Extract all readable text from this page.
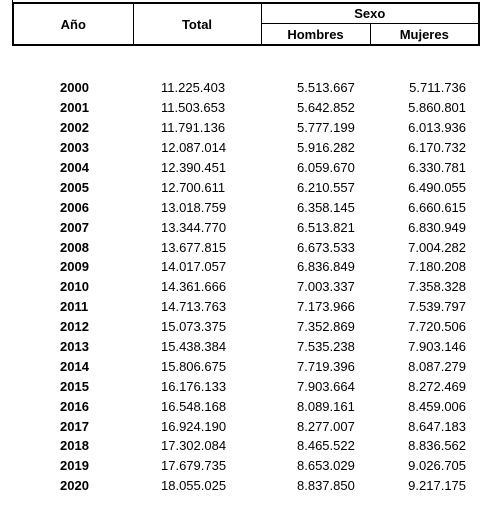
Año	Total	Sexo	
		Hombres	Mujeres

2000	11.225.403	5.513.667	5.711.736
2001	11.503.653	5.642.852	5.860.801
2002	11.791.136	5.777.199	6.013.936
2003	12.087.014	5.916.282	6.170.732
2004	12.390.451	6.059.670	6.330.781
2005	12.700.611	6.210.557	6.490.055
2006	13.018.759	6.358.145	6.660.615
2007	13.344.770	6.513.821	6.830.949
2008	13.677.815	6.673.533	7.004.282
2009	14.017.057	6.836.849	7.180.208
2010	14.361.666	7.003.337	7.358.328
2011	14.713.763	7.173.966	7.539.797
2012	15.073.375	7.352.869	7.720.506
2013	15.438.384	7.535.238	7.903.146
2014	15.806.675	7.719.396	8.087.279
2015	16.176.133	7.903.664	8.272.469
2016	16.548.168	8.089.161	8.459.006
2017	16.924.190	8.277.007	8.647.183
2018	17.302.084	8.465.522	8.836.562
2019	17.679.735	8.653.029	9.026.705
2020	18.055.025	8.837.850	9.217.175
